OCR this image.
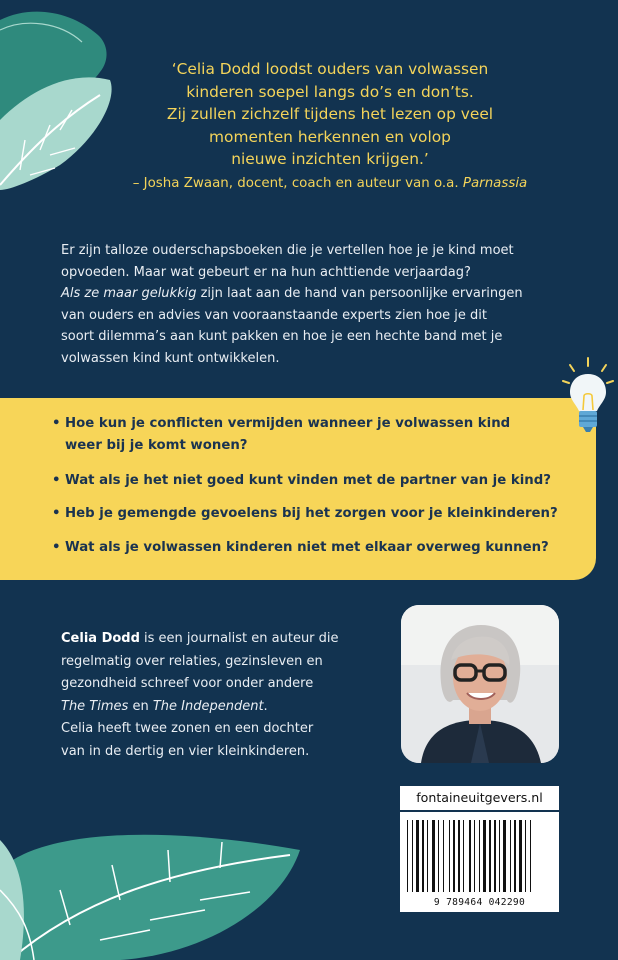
‘Celia Dodd loodst ouders van volwassen
kinderen soepel langs do’s en don’ts.
Zij zullen zichzelf tijdens het lezen op veel
momenten herkennen en volop
nieuwe inzichten krijgen.’
– Josha Zwaan, docent, coach en auteur van o.a. Parnassia
Er zijn talloze ouderschapsboeken die je vertellen hoe je je kind moet
opvoeden. Maar wat gebeurt er na hun achttiende verjaardag?
Als ze maar gelukkig zijn laat aan de hand van persoonlijke ervaringen
van ouders en advies van vooraanstaande experts zien hoe je dit
soort dilemma’s aan kunt pakken en hoe je een hechte band met je
volwassen kind kunt ontwikkelen.
• Hoe kun je conflicten vermijden wanneer je volwassen kind
weer bij je komt wonen?
• Wat als je het niet goed kunt vinden met de partner van je kind?
• Heb je gemengde gevoelens bij het zorgen voor je kleinkinderen?
• Wat als je volwassen kinderen niet met elkaar overweg kunnen?
Celia Dodd is een journalist en auteur die
regelmatig over relaties, gezinsleven en
gezondheid schreef voor onder andere
The Times en The Independent.
Celia heeft twee zonen en een dochter
van in de dertig en vier kleinkinderen.
fontaineuitgevers.nl
9 789464 042290
